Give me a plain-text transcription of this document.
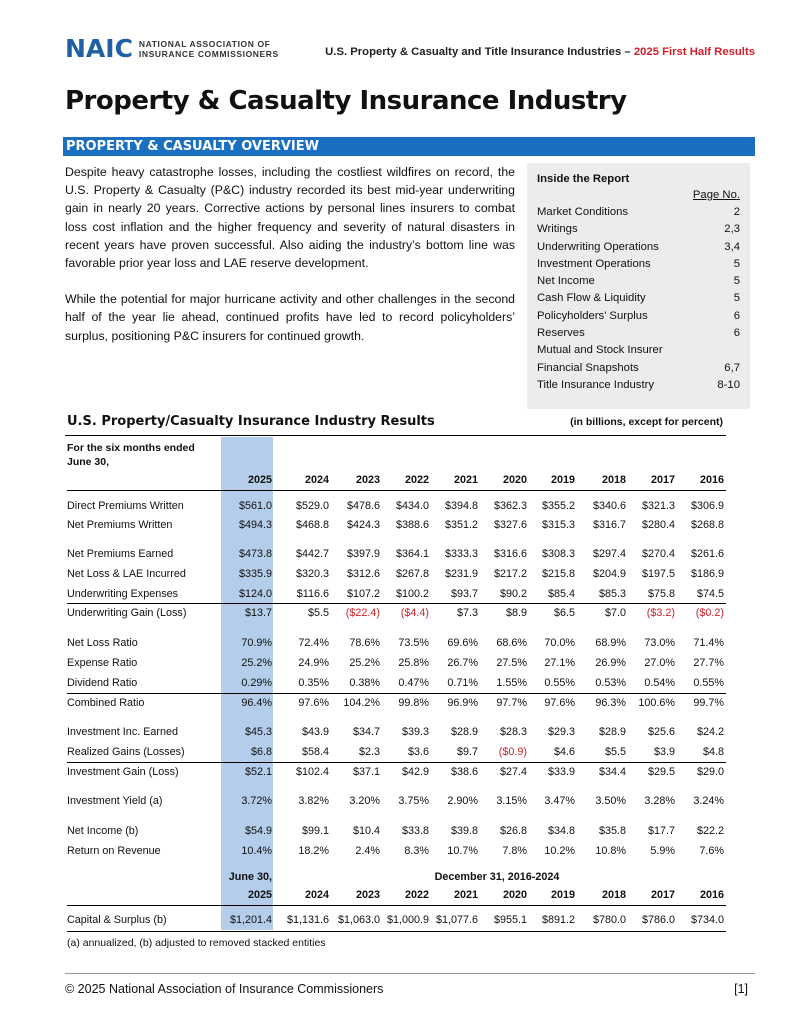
NAIC NATIONAL ASSOCIATION OF
INSURANCE COMMISSIONERS	U.S. Property & Casualty and Title Insurance Industries – 2025 First Half Results
Property & Casualty Insurance Industry
PROPERTY & CASUALTY OVERVIEW

Despite heavy catastrophe losses, including the costliest wildfires on record, the U.S. Property & Casualty (P&C) industry recorded its best mid-year underwriting gain in nearly 20 years. Corrective actions by personal lines insurers to combat loss cost inflation and the higher frequency and severity of natural disasters in recent years have proven successful. Also aiding the industry’s bottom line was favorable prior year loss and LAE reserve development.

While the potential for major hurricane activity and other challenges in the second half of the year lie ahead, continued profits have led to record policyholders’ surplus, positioning P&C insurers for continued growth.

Inside the Report
Page No.
Market Conditions	2
Writings	2,3
Underwriting Operations	3,4
Investment Operations	5
Net Income	5
Cash Flow & Liquidity	5
Policyholders’ Surplus	6
Reserves	6
Mutual and Stock Insurer
Financial Snapshots	6,7
Title Insurance Industry	8-10
U.S. Property/Casualty Insurance Industry Results	(in billions, except for percent)
For the six months ended
June 30,
2025	2024	2023	2022	2021	2020	2019	2018	2017	2016
Direct Premiums Written	$561.0	$529.0	$478.6	$434.0	$394.8	$362.3	$355.2	$340.6	$321.3	$306.9
Net Premiums Written	$494.3	$468.8	$424.3	$388.6	$351.2	$327.6	$315.3	$316.7	$280.4	$268.8
Net Premiums Earned	$473.8	$442.7	$397.9	$364.1	$333.3	$316.6	$308.3	$297.4	$270.4	$261.6
Net Loss & LAE Incurred	$335.9	$320.3	$312.6	$267.8	$231.9	$217.2	$215.8	$204.9	$197.5	$186.9
Underwriting Expenses	$124.0	$116.6	$107.2	$100.2	$93.7	$90.2	$85.4	$85.3	$75.8	$74.5
Underwriting Gain (Loss)	$13.7	$5.5	($22.4)	($4.4)	$7.3	$8.9	$6.5	$7.0	($3.2)	($0.2)
Net Loss Ratio	70.9%	72.4%	78.6%	73.5%	69.6%	68.6%	70.0%	68.9%	73.0%	71.4%
Expense Ratio	25.2%	24.9%	25.2%	25.8%	26.7%	27.5%	27.1%	26.9%	27.0%	27.7%
Dividend Ratio	0.29%	0.35%	0.38%	0.47%	0.71%	1.55%	0.55%	0.53%	0.54%	0.55%
Combined Ratio	96.4%	97.6%	104.2%	99.8%	96.9%	97.7%	97.6%	96.3%	100.6%	99.7%
Investment Inc. Earned	$45.3	$43.9	$34.7	$39.3	$28.9	$28.3	$29.3	$28.9	$25.6	$24.2
Realized Gains (Losses)	$6.8	$58.4	$2.3	$3.6	$9.7	($0.9)	$4.6	$5.5	$3.9	$4.8
Investment Gain (Loss)	$52.1	$102.4	$37.1	$42.9	$38.6	$27.4	$33.9	$34.4	$29.5	$29.0
Investment Yield (a)	3.72%	3.82%	3.20%	3.75%	2.90%	3.15%	3.47%	3.50%	3.28%	3.24%
Net Income (b)	$54.9	$99.1	$10.4	$33.8	$39.8	$26.8	$34.8	$35.8	$17.7	$22.2
Return on Revenue	10.4%	18.2%	2.4%	8.3%	10.7%	7.8%	10.2%	10.8%	5.9%	7.6%
June 30,	December 31, 2016-2024
2025	2024	2023	2022	2021	2020	2019	2018	2017	2016
Capital & Surplus (b)	$1,201.4	$1,131.6 $1,063.0 $1,000.9 $1,077.6	$955.1	$891.2	$780.0	$786.0	$734.0
(a) annualized, (b) adjusted to removed stacked entities
© 2025 National Association of Insurance Commissioners	[1]
